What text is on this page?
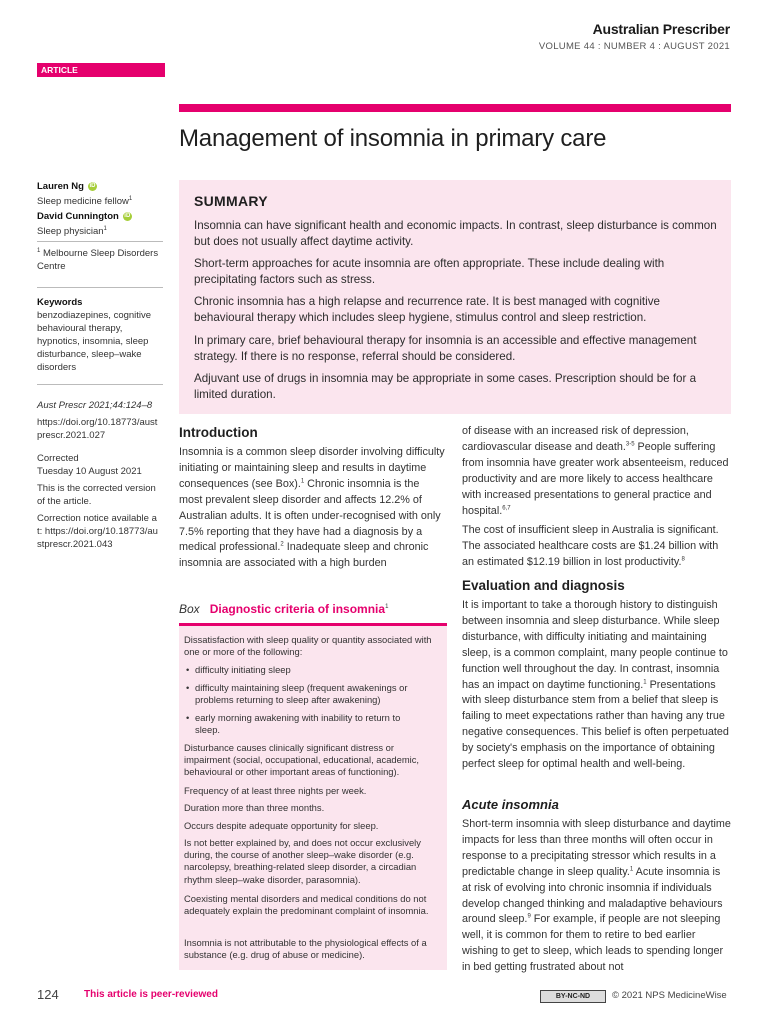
Australian Prescriber
VOLUME 44 : NUMBER 4 : AUGUST 2021
ARTICLE
Management of insomnia in primary care
Lauren Ng iD
Sleep medicine fellow$^1$
David Cunnington iD
Sleep physician$^1$
$^1$ Melbourne Sleep Disorders Centre
Keywords
benzodiazepines, cognitive behavioural therapy, hypnotics, insomnia, sleep disturbance, sleep–wake disorders
Aust Prescr 2021;44:124–8
https://doi.org/10.18773/austprescr.2021.027
Corrected
Tuesday 10 August 2021
This is the corrected version of the article.
Correction notice available at: https://doi.org/10.18773/austprescr.2021.043
SUMMARY

Insomnia can have significant health and economic impacts. In contrast, sleep disturbance is common but does not usually affect daytime activity.

Short-term approaches for acute insomnia are often appropriate. These include dealing with precipitating factors such as stress.

Chronic insomnia has a high relapse and recurrence rate. It is best managed with cognitive behavioural therapy which includes sleep hygiene, stimulus control and sleep restriction.

In primary care, brief behavioural therapy for insomnia is an accessible and effective management strategy. If there is no response, referral should be considered.

Adjuvant use of drugs in insomnia may be appropriate in some cases. Prescription should be for a limited duration.

Introduction

Insomnia is a common sleep disorder involving difficulty initiating or maintaining sleep and results in daytime consequences (see Box).$^1$ Chronic insomnia is the most prevalent sleep disorder and affects 12.2% of Australian adults. It is often under-recognised with only 7.5% reporting that they have had a diagnosis by a medical professional.$^2$ Inadequate sleep and chronic insomnia are associated with a high burden

Box Diagnostic criteria of insomnia$^1$

Dissatisfaction with sleep quality or quantity associated with one or more of the following:

• difficulty initiating sleep

• difficulty maintaining sleep (frequent awakenings or problems returning to sleep after awakening)

• early morning awakening with inability to return to sleep.

Disturbance causes clinically significant distress or impairment (social, occupational, educational, academic, behavioural or other important areas of functioning).

Frequency of at least three nights per week.

Duration more than three months.

Occurs despite adequate opportunity for sleep.

Is not better explained by, and does not occur exclusively during, the course of another sleep–wake disorder (e.g. narcolepsy, breathing-related sleep disorder, a circadian rhythm sleep–wake disorder, parasomnia).

Coexisting mental disorders and medical conditions do not adequately explain the predominant complaint of insomnia.

Insomnia is not attributable to the physiological effects of a substance (e.g. drug of abuse or medicine).

of disease with an increased risk of depression, cardiovascular disease and death.$^{3-5}$ People suffering from insomnia have greater work absenteeism, reduced productivity and are more likely to access healthcare with increased presentations to general practice and hospital.$^{6,7}$

The cost of insufficient sleep in Australia is significant. The associated healthcare costs are $1.24 billion with an estimated $12.19 billion in lost productivity.$^8$

Evaluation and diagnosis

It is important to take a thorough history to distinguish between insomnia and sleep disturbance. While sleep disturbance, with difficulty initiating and maintaining sleep, is a common complaint, many people continue to function well throughout the day. In contrast, insomnia has an impact on daytime functioning.$^1$ Presentations with sleep disturbance stem from a belief that sleep is failing to meet expectations rather than having any true negative consequences. This belief is often perpetuated by society's emphasis on the importance of obtaining perfect sleep for optimal health and well-being.

Acute insomnia

Short-term insomnia with sleep disturbance and daytime impacts for less than three months will often occur in response to a precipitating stressor which results in a predictable change in sleep quality.$^1$ Acute insomnia is at risk of evolving into chronic insomnia if individuals develop changed thinking and maladaptive behaviours around sleep.$^9$ For example, if people are not sleeping well, it is common for them to retire to bed earlier wishing to get to sleep, which leads to spending longer in bed getting frustrated about not

124	This article is peer-reviewed	BY-NC-ND	© 2021 NPS MedicineWise
